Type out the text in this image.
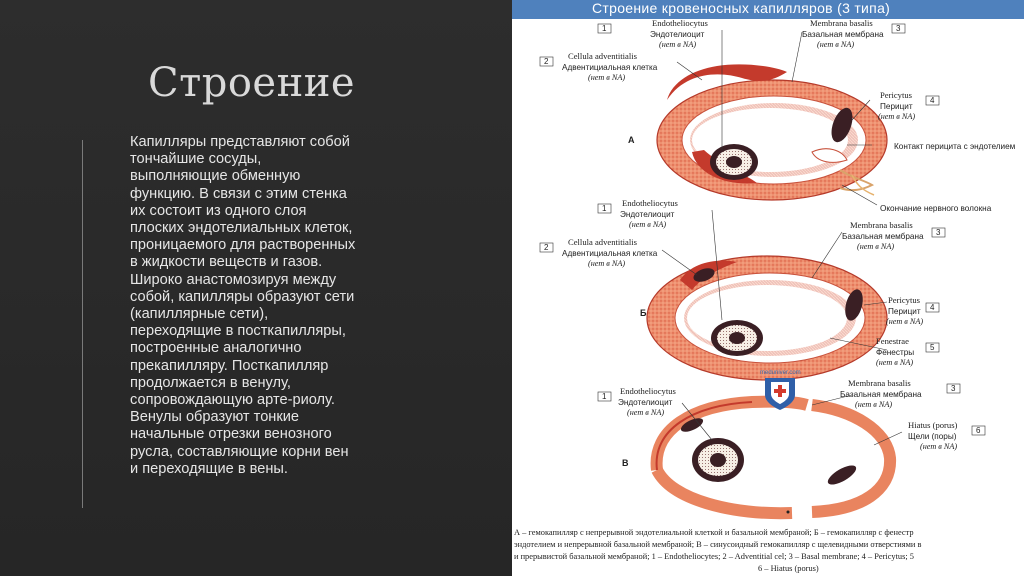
Строение
Капилляры представляют собой тончайшие сосуды, выполняющие обменную функцию. В связи с этим стенка их состоит из одного слоя плоских эндотелиальных клеток, проницаемого для растворенных в жидкости веществ и газов. Широко анастомозируя между собой, капилляры образуют сети (капиллярные сети), переходящие в посткапилляры, построенные аналогично прекапилляру. Посткапилляр продолжается в венулу, сопровождающую арте-риолу. Венулы образуют тонкие начальные отрезки венозного русла, составляющие корни вен и переходящие в вены.
Строение кровеносных капилляров (3 типа)
meduniver.com
А
Б
В
1
Endotheliocytus
Эндотелиоцит
(нет в NA)
2
Cellula adventitialis
Адвентициальная клетка
(нет в NA)
Membrana basalis
Базальная мембрана
(нет в NA)
3
Pericytus
Перицит
(нет в NA)
4
Контакт перицита с эндотелием
Окончание нервного волокна
1
Endotheliocytus
Эндотелиоцит
(нет в NA)
2
Cellula adventitialis
Адвентициальная клетка
(нет в NA)
Membrana basalis
Базальная мембрана
(нет в NA)
3
Pericytus
Перицит
(нет в NA)
4
Fenestrae
Фенестры
(нет в NA)
5
1
Endotheliocytus
Эндотелиоцит
(нет в NA)
Membrana basalis
Базальная мембрана
(нет в NA)
3
Hiatus (porus)
Щели (поры)
(нет в NA)
6
А – гемокапилляр с непрерывной эндотелиальной клеткой и базальной мембраной; Б – гемокапилляр с фенестр
эндотелием и непрерывной базальной мембраной; В – синусоидный гемокапилляр с щелевидными отверстиями в
и прерывистой базальной мембраной; 1 – Endotheliocytes; 2 – Adventitial cel; 3 – Basal membrane; 4 – Pericytus; 5
6 – Hiatus (porus)
